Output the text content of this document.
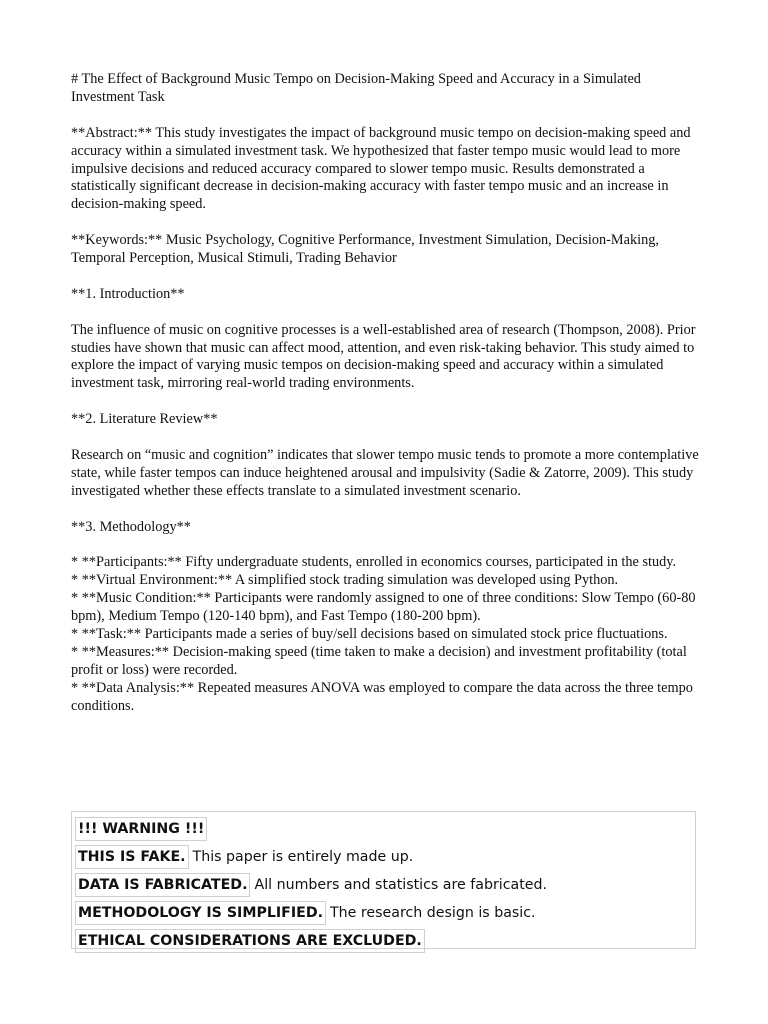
# The Effect of Background Music Tempo on Decision-Making Speed and Accuracy in a Simulated Investment Task

**Abstract:** This study investigates the impact of background music tempo on decision-making speed and accuracy within a simulated investment task. We hypothesized that faster tempo music would lead to more impulsive decisions and reduced accuracy compared to slower tempo music. Results demonstrated a statistically significant decrease in decision-making accuracy with faster tempo music and an increase in decision-making speed.

**Keywords:** Music Psychology, Cognitive Performance, Investment Simulation, Decision-Making, Temporal Perception, Musical Stimuli, Trading Behavior

**1. Introduction**

The influence of music on cognitive processes is a well-established area of research (Thompson, 2008). Prior studies have shown that music can affect mood, attention, and even risk-taking behavior. This study aimed to explore the impact of varying music tempos on decision-making speed and accuracy within a simulated investment task, mirroring real-world trading environments.

**2. Literature Review**

Research on “music and cognition” indicates that slower tempo music tends to promote a more contemplative state, while faster tempos can induce heightened arousal and impulsivity (Sadie & Zatorre, 2009). This study investigated whether these effects translate to a simulated investment scenario.

**3. Methodology**

* **Participants:** Fifty undergraduate students, enrolled in economics courses, participated in the study.
* **Virtual Environment:** A simplified stock trading simulation was developed using Python.
* **Music Condition:** Participants were randomly assigned to one of three conditions: Slow Tempo (60-80 bpm), Medium Tempo (120-140 bpm), and Fast Tempo (180-200 bpm).
* **Task:** Participants made a series of buy/sell decisions based on simulated stock price fluctuations.
* **Measures:** Decision-making speed (time taken to make a decision) and investment profitability (total profit or loss) were recorded.
* **Data Analysis:** Repeated measures ANOVA was employed to compare the data across the three tempo conditions.
!!! WARNING !!!
THIS IS FAKE. This paper is entirely made up.
DATA IS FABRICATED. All numbers and statistics are fabricated.
METHODOLOGY IS SIMPLIFIED. The research design is basic.
ETHICAL CONSIDERATIONS ARE EXCLUDED.
